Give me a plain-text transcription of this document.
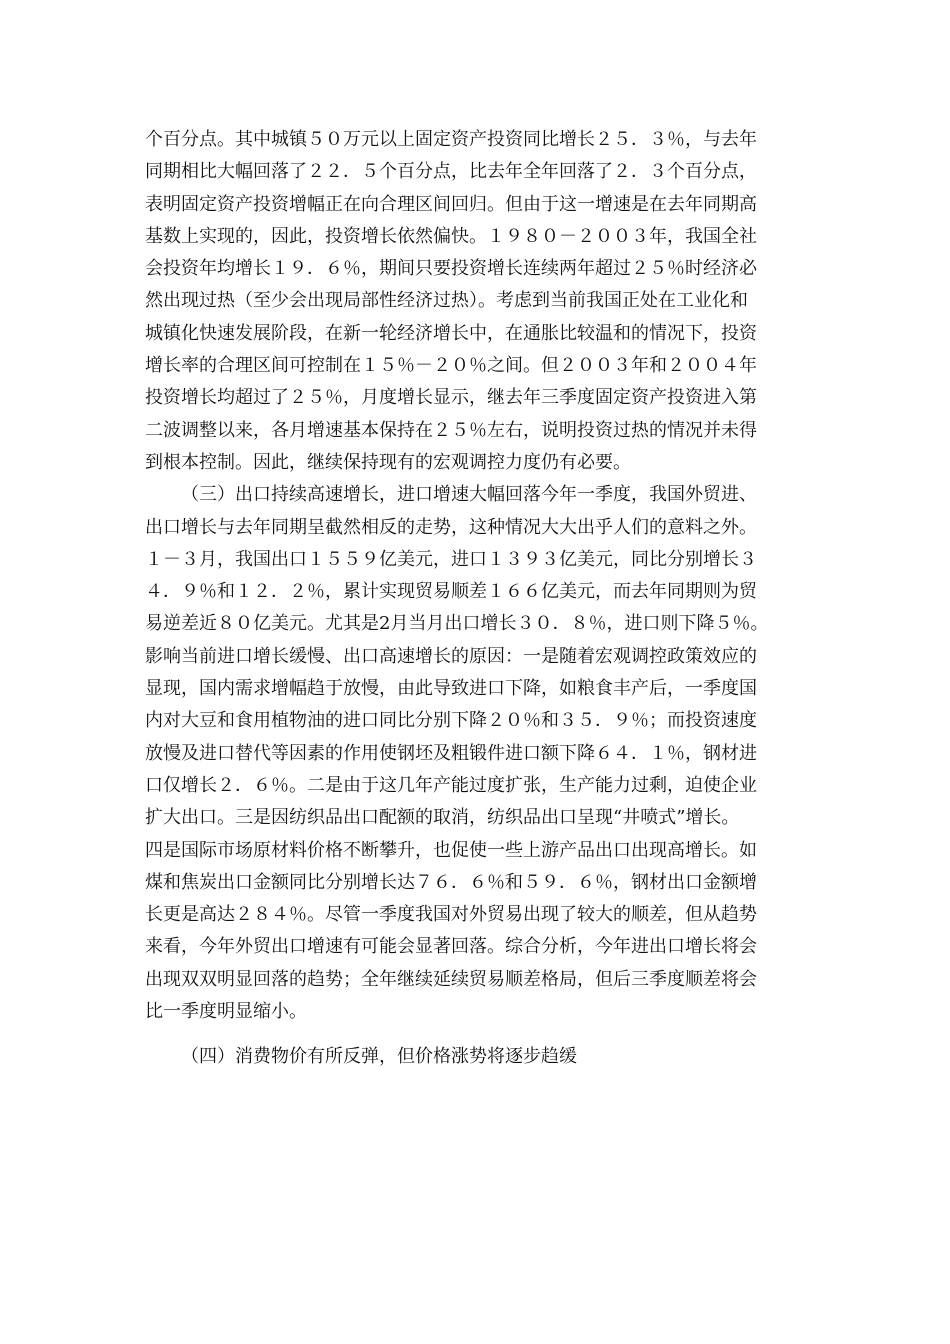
个百分点。其中城镇５０万元以上固定资产投资同比增长２５．３％，与去年
同期相比大幅回落了２２．５个百分点，比去年全年回落了２．３个百分点，
表明固定资产投资增幅正在向合理区间回归。但由于这一增速是在去年同期高
基数上实现的，因此，投资增长依然偏快。１９８０－２００３年，我国全社
会投资年均增长１９．６％，期间只要投资增长连续两年超过２５％时经济必
然出现过热（至少会出现局部性经济过热）。考虑到当前我国正处在工业化和
城镇化快速发展阶段，在新一轮经济增长中，在通胀比较温和的情况下，投资
增长率的合理区间可控制在１５％－２０％之间。但２００３年和２００４年
投资增长均超过了２５％，月度增长显示，继去年三季度固定资产投资进入第
二波调整以来，各月增速基本保持在２５％左右，说明投资过热的情况并未得
到根本控制。因此，继续保持现有的宏观调控力度仍有必要。
（三）出口持续高速增长，进口增速大幅回落今年一季度，我国外贸进、
出口增长与去年同期呈截然相反的走势，这种情况大大出乎人们的意料之外。
１－３月，我国出口１５５９亿美元，进口１３９３亿美元，同比分别增长３
４．９％和１２．２％，累计实现贸易顺差１６６亿美元，而去年同期则为贸
易逆差近８０亿美元。尤其是2月当月出口增长３０．８％，进口则下降５％。
影响当前进口增长缓慢、出口高速增长的原因：一是随着宏观调控政策效应的
显现，国内需求增幅趋于放慢，由此导致进口下降，如粮食丰产后，一季度国
内对大豆和食用植物油的进口同比分别下降２０％和３５．９％；而投资速度
放慢及进口替代等因素的作用使钢坯及粗锻件进口额下降６４．１％，钢材进
口仅增长２．６％。二是由于这几年产能过度扩张，生产能力过剩，迫使企业
扩大出口。三是因纺织品出口配额的取消，纺织品出口呈现“井喷式”增长。
四是国际市场原材料价格不断攀升，也促使一些上游产品出口出现高增长。如
煤和焦炭出口金额同比分别增长达７６．６％和５９．６％，钢材出口金额增
长更是高达２８４％。尽管一季度我国对外贸易出现了较大的顺差，但从趋势
来看，今年外贸出口增速有可能会显著回落。综合分析，今年进出口增长将会
出现双双明显回落的趋势；全年继续延续贸易顺差格局，但后三季度顺差将会
比一季度明显缩小。
（四）消费物价有所反弹，但价格涨势将逐步趋缓
